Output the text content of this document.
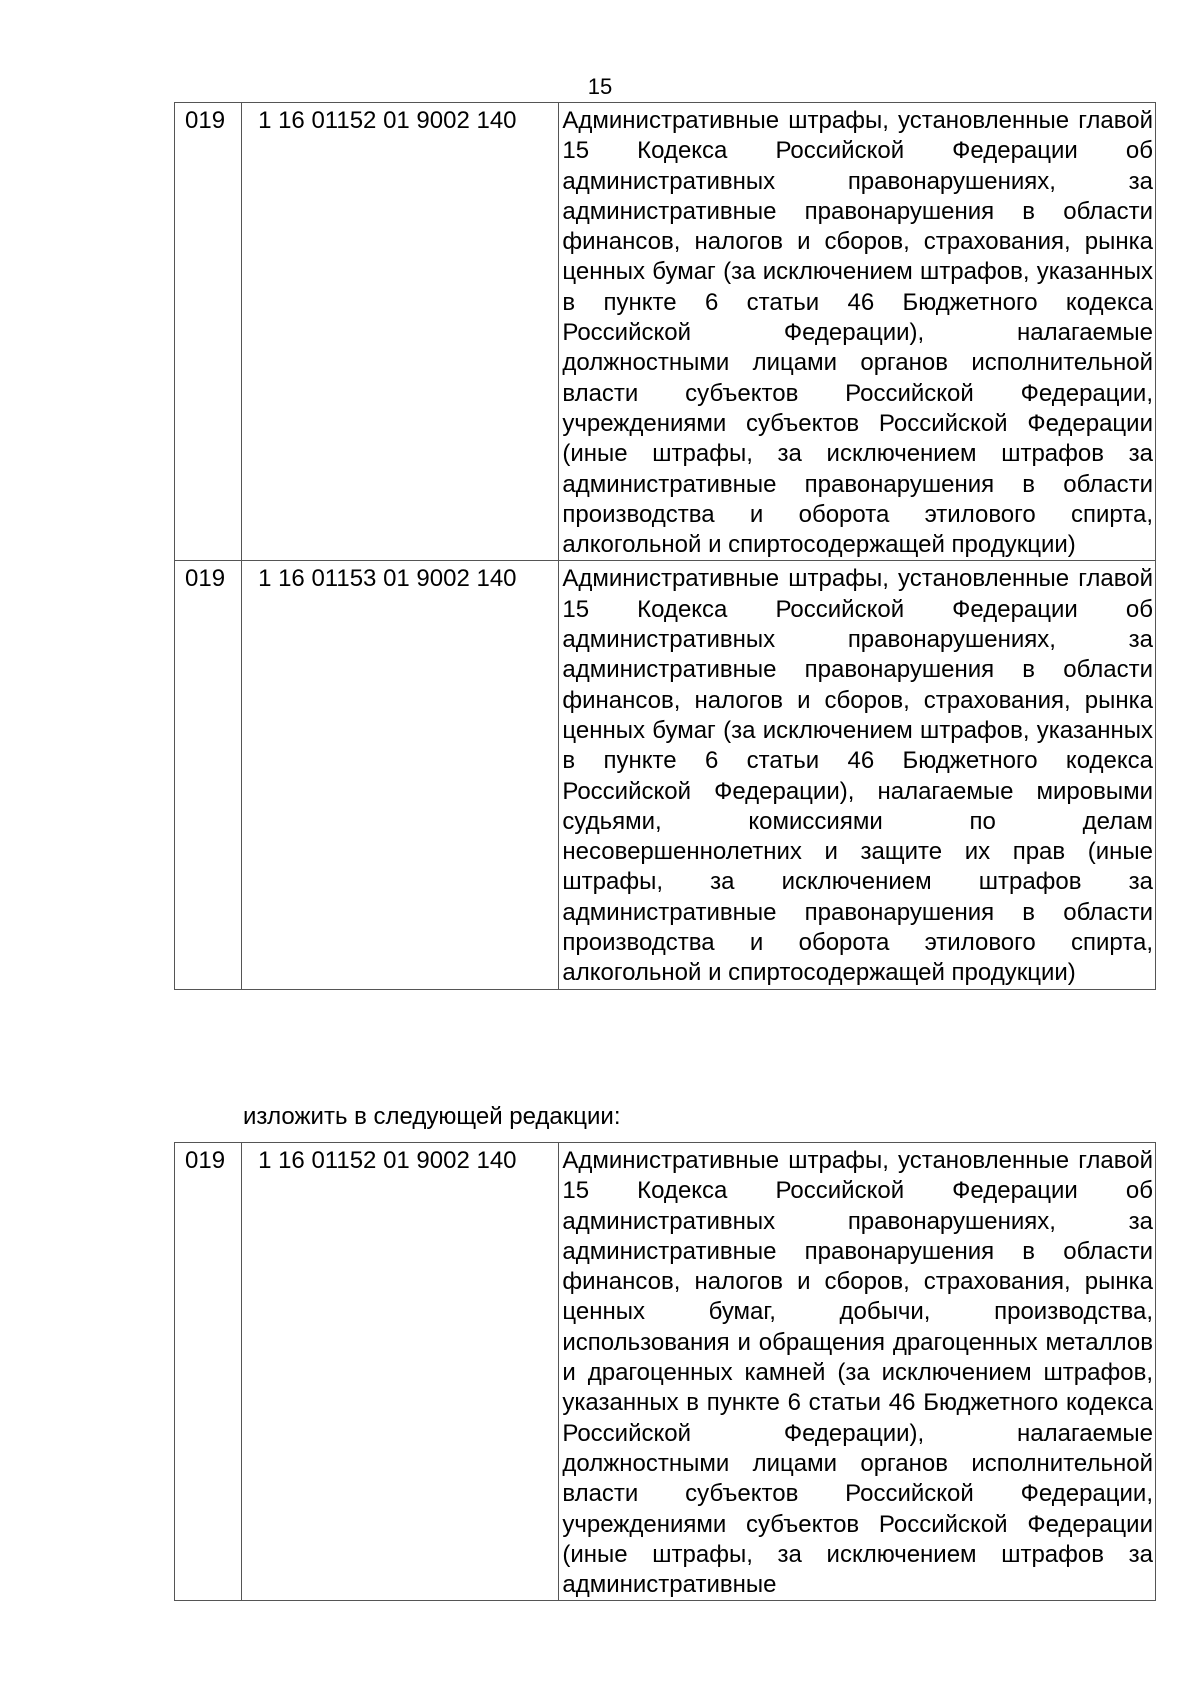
15
019	1 16 01152 01 9002 140	Административные штрафы, установленные главой 15 Кодекса Российской Федерации об административных правонарушениях, за административные правонарушения в области финансов, налогов и сборов, страхования, рынка ценных бумаг (за исключением штрафов, указанных в пункте 6 статьи 46 Бюджетного кодекса Российской Федерации), налагаемые должностными лицами органов исполнительной власти субъектов Российской Федерации, учреждениями субъектов Российской Федерации (иные штрафы, за исключением штрафов за административные правонарушения в области производства и оборота этилового спирта, алкогольной и спиртосодержащей продукции)
019	1 16 01153 01 9002 140	Административные штрафы, установленные главой 15 Кодекса Российской Федерации об административных правонарушениях, за административные правонарушения в области финансов, налогов и сборов, страхования, рынка ценных бумаг (за исключением штрафов, указанных в пункте 6 статьи 46 Бюджетного кодекса Российской Федерации), налагаемые мировыми судьями, комиссиями по делам несовершеннолетних и защите их прав (иные штрафы, за исключением штрафов за административные правонарушения в области производства и оборота этилового спирта, алкогольной и спиртосодержащей продукции)
изложить в следующей редакции:
019	1 16 01152 01 9002 140	Административные штрафы, установленные главой 15 Кодекса Российской Федерации об административных правонарушениях, за административные правонарушения в области финансов, налогов и сборов, страхования, рынка ценных бумаг, добычи, производства, использования и обращения драгоценных металлов и драгоценных камней (за исключением штрафов, указанных в пункте 6 статьи 46 Бюджетного кодекса Российской Федерации), налагаемые должностными лицами органов исполнительной власти субъектов Российской Федерации, учреждениями субъектов Российской Федерации (иные штрафы, за исключением штрафов за административные
